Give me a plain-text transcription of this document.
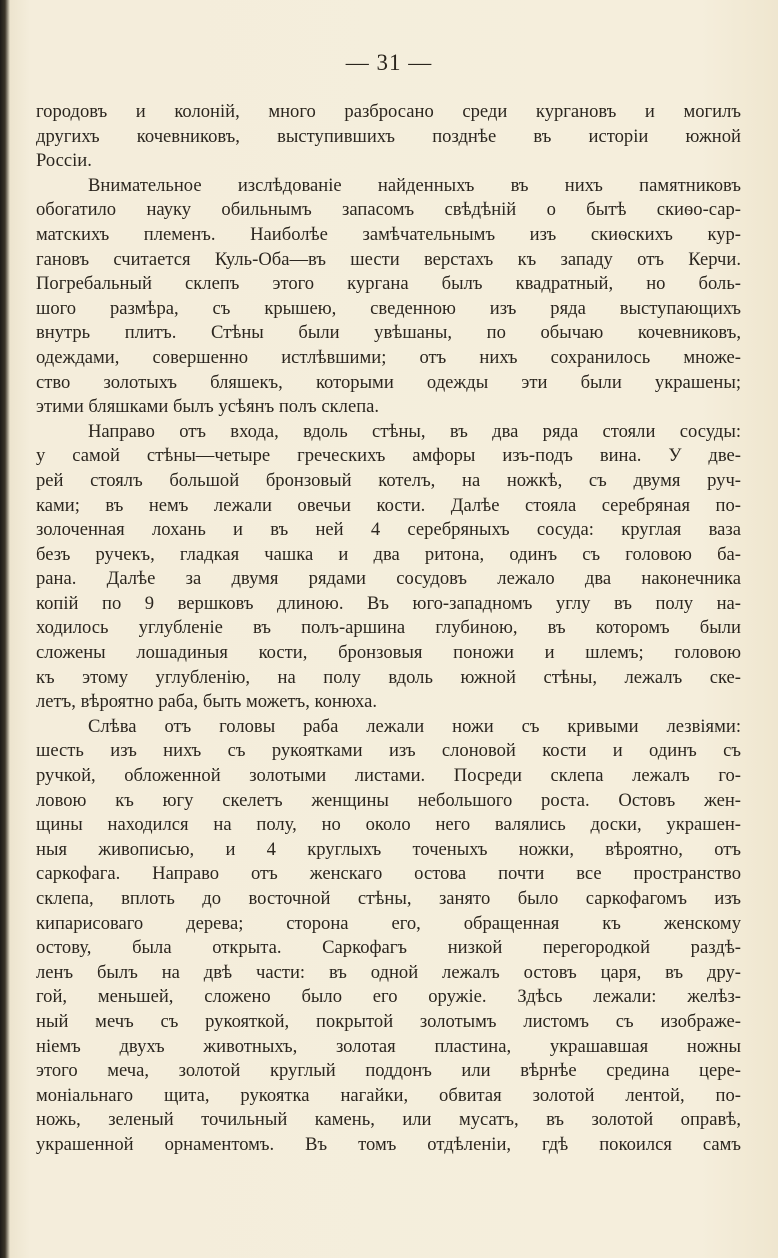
— 31 —
городовъ и колоній, много разбросано среди кургановъ и могилъ
другихъ кочевниковъ, выступившихъ позднѣе въ исторіи южной
Россіи.
Внимательное изслѣдованіе найденныхъ въ нихъ памятниковъ
обогатило науку обильнымъ запасомъ свѣдѣній о бытѣ скиѳо-сар-
матскихъ племенъ. Наиболѣе замѣчательнымъ изъ скиѳскихъ кур-
гановъ считается Куль-Оба—въ шести верстахъ къ западу отъ Керчи.
Погребальный склепъ этого кургана былъ квадратный, но боль-
шого размѣра, съ крышею, сведенною изъ ряда выступающихъ
внутрь плитъ. Стѣны были увѣшаны, по обычаю кочевниковъ,
одеждами, совершенно истлѣвшими; отъ нихъ сохранилось множе-
ство золотыхъ бляшекъ, которыми одежды эти были украшены;
этими бляшками былъ усѣянъ полъ склепа.
Направо отъ входа, вдоль стѣны, въ два ряда стояли сосуды:
у самой стѣны—четыре греческихъ амфоры изъ-подъ вина. У две-
рей стоялъ большой бронзовый котелъ, на ножкѣ, съ двумя руч-
ками; въ немъ лежали овечьи кости. Далѣе стояла серебряная по-
золоченная лохань и въ ней 4 серебряныхъ сосуда: круглая ваза
безъ ручекъ, гладкая чашка и два ритона, одинъ съ головою ба-
рана. Далѣе за двумя рядами сосудовъ лежало два наконечника
копій по 9 вершковъ длиною. Въ юго-западномъ углу въ полу на-
ходилось углубленіе въ полъ-аршина глубиною, въ которомъ были
сложены лошадиныя кости, бронзовыя поножи и шлемъ; головою
къ этому углубленію, на полу вдоль южной стѣны, лежалъ ске-
летъ, вѣроятно раба, быть можетъ, конюха.
Слѣва отъ головы раба лежали ножи съ кривыми лезвіями:
шесть изъ нихъ съ рукоятками изъ слоновой кости и одинъ съ
ручкой, обложенной золотыми листами. Посреди склепа лежалъ го-
ловою къ югу скелетъ женщины небольшого роста. Остовъ жен-
щины находился на полу, но около него валялись доски, украшен-
ныя живописью, и 4 круглыхъ точеныхъ ножки, вѣроятно, отъ
саркофага. Направо отъ женскаго остова почти все пространство
склепа, вплоть до восточной стѣны, занято было саркофагомъ изъ
кипарисоваго дерева; сторона его, обращенная къ женскому
остову, была открыта. Саркофагъ низкой перегородкой раздѣ-
ленъ былъ на двѣ части: въ одной лежалъ остовъ царя, въ дру-
гой, меньшей, сложено было его оружіе. Здѣсь лежали: желѣз-
ный мечъ съ рукояткой, покрытой золотымъ листомъ съ изображе-
ніемъ двухъ животныхъ, золотая пластина, украшавшая ножны
этого меча, золотой круглый поддонъ или вѣрнѣе средина цере-
моніальнаго щита, рукоятка нагайки, обвитая золотой лентой, по-
ножь, зеленый точильный камень, или мусатъ, въ золотой оправѣ,
украшенной орнаментомъ. Въ томъ отдѣленіи, гдѣ покоился самъ
